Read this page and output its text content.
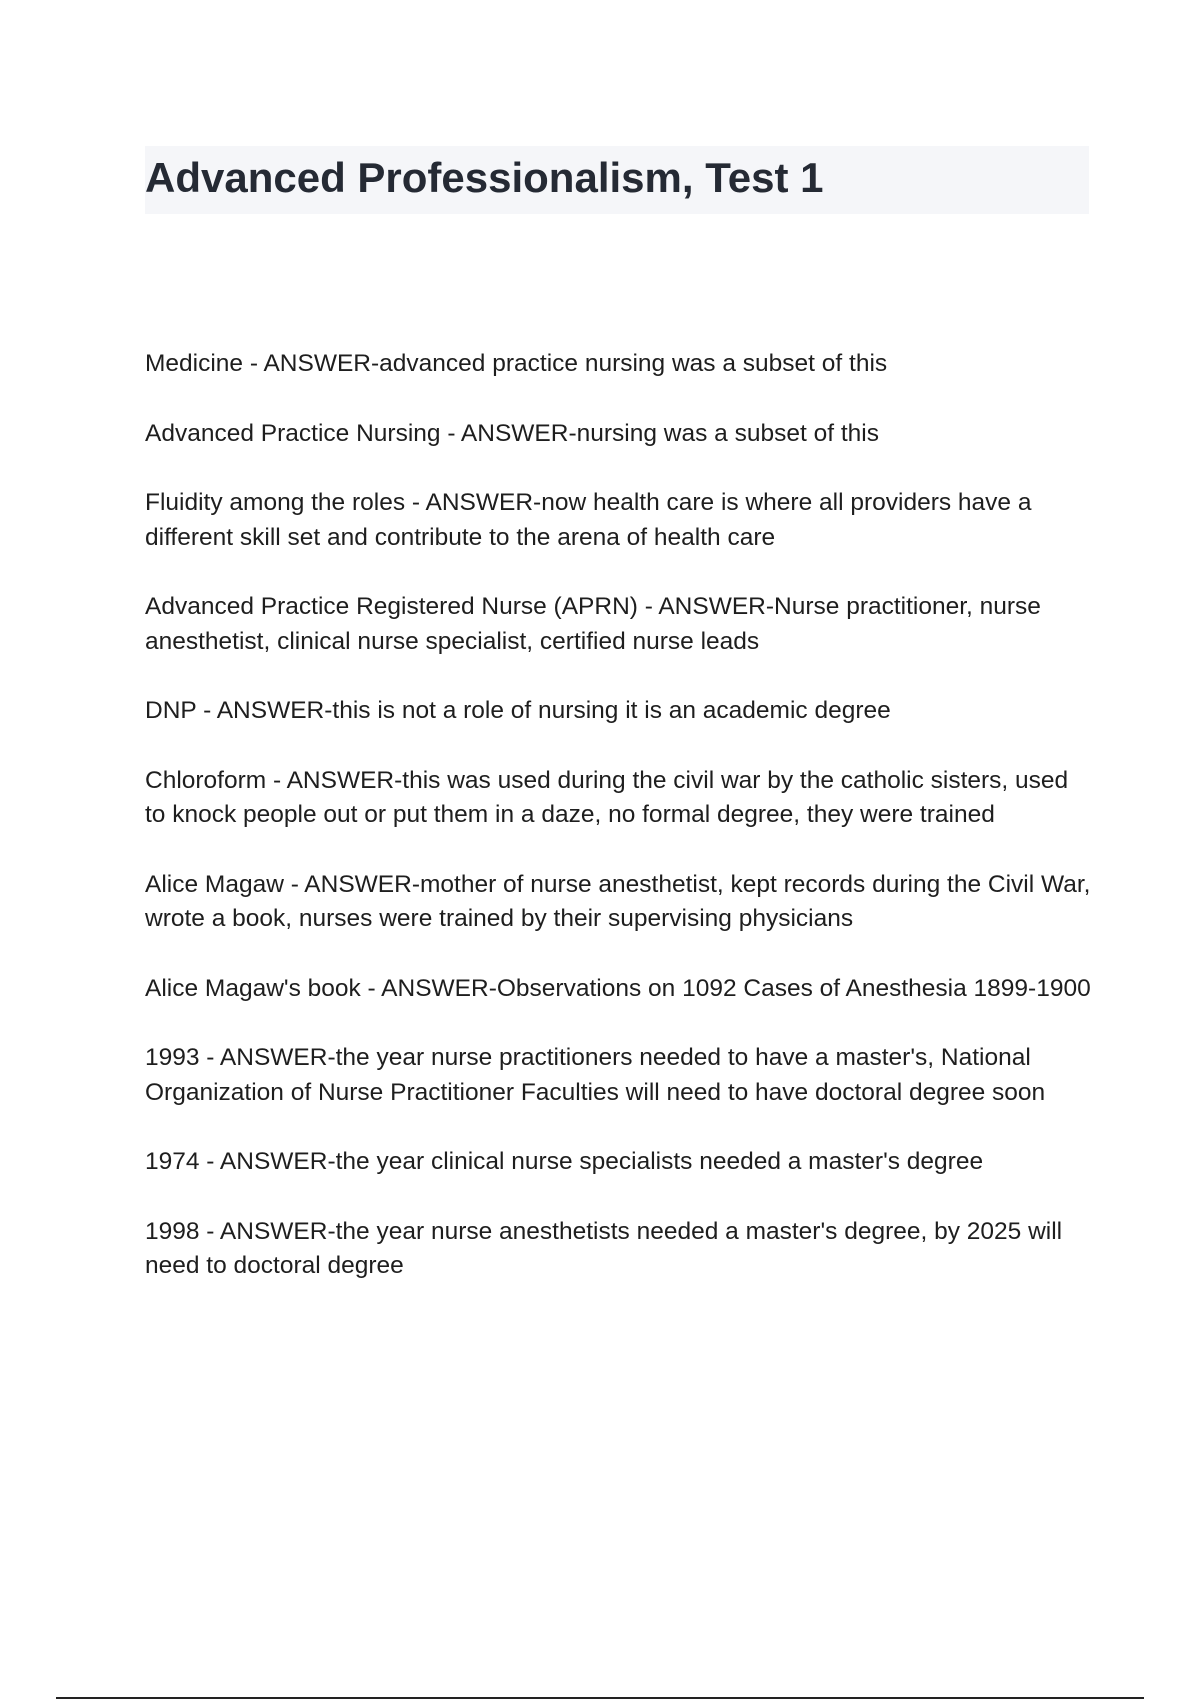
Advanced Professionalism, Test 1
Medicine - ANSWER-advanced practice nursing was a subset of this
Advanced Practice Nursing - ANSWER-nursing was a subset of this
Fluidity among the roles - ANSWER-now health care is where all providers have a different skill set and contribute to the arena of health care
Advanced Practice Registered Nurse (APRN) - ANSWER-Nurse practitioner, nurse anesthetist, clinical nurse specialist, certified nurse leads
DNP - ANSWER-this is not a role of nursing it is an academic degree
Chloroform - ANSWER-this was used during the civil war by the catholic sisters, used to knock people out or put them in a daze, no formal degree, they were trained
Alice Magaw - ANSWER-mother of nurse anesthetist, kept records during the Civil War, wrote a book, nurses were trained by their supervising physicians
Alice Magaw's book - ANSWER-Observations on 1092 Cases of Anesthesia 1899-1900
1993 - ANSWER-the year nurse practitioners needed to have a master's, National Organization of Nurse Practitioner Faculties will need to have doctoral degree soon
1974 - ANSWER-the year clinical nurse specialists needed a master's degree
1998 - ANSWER-the year nurse anesthetists needed a master's degree, by 2025 will need to doctoral degree
